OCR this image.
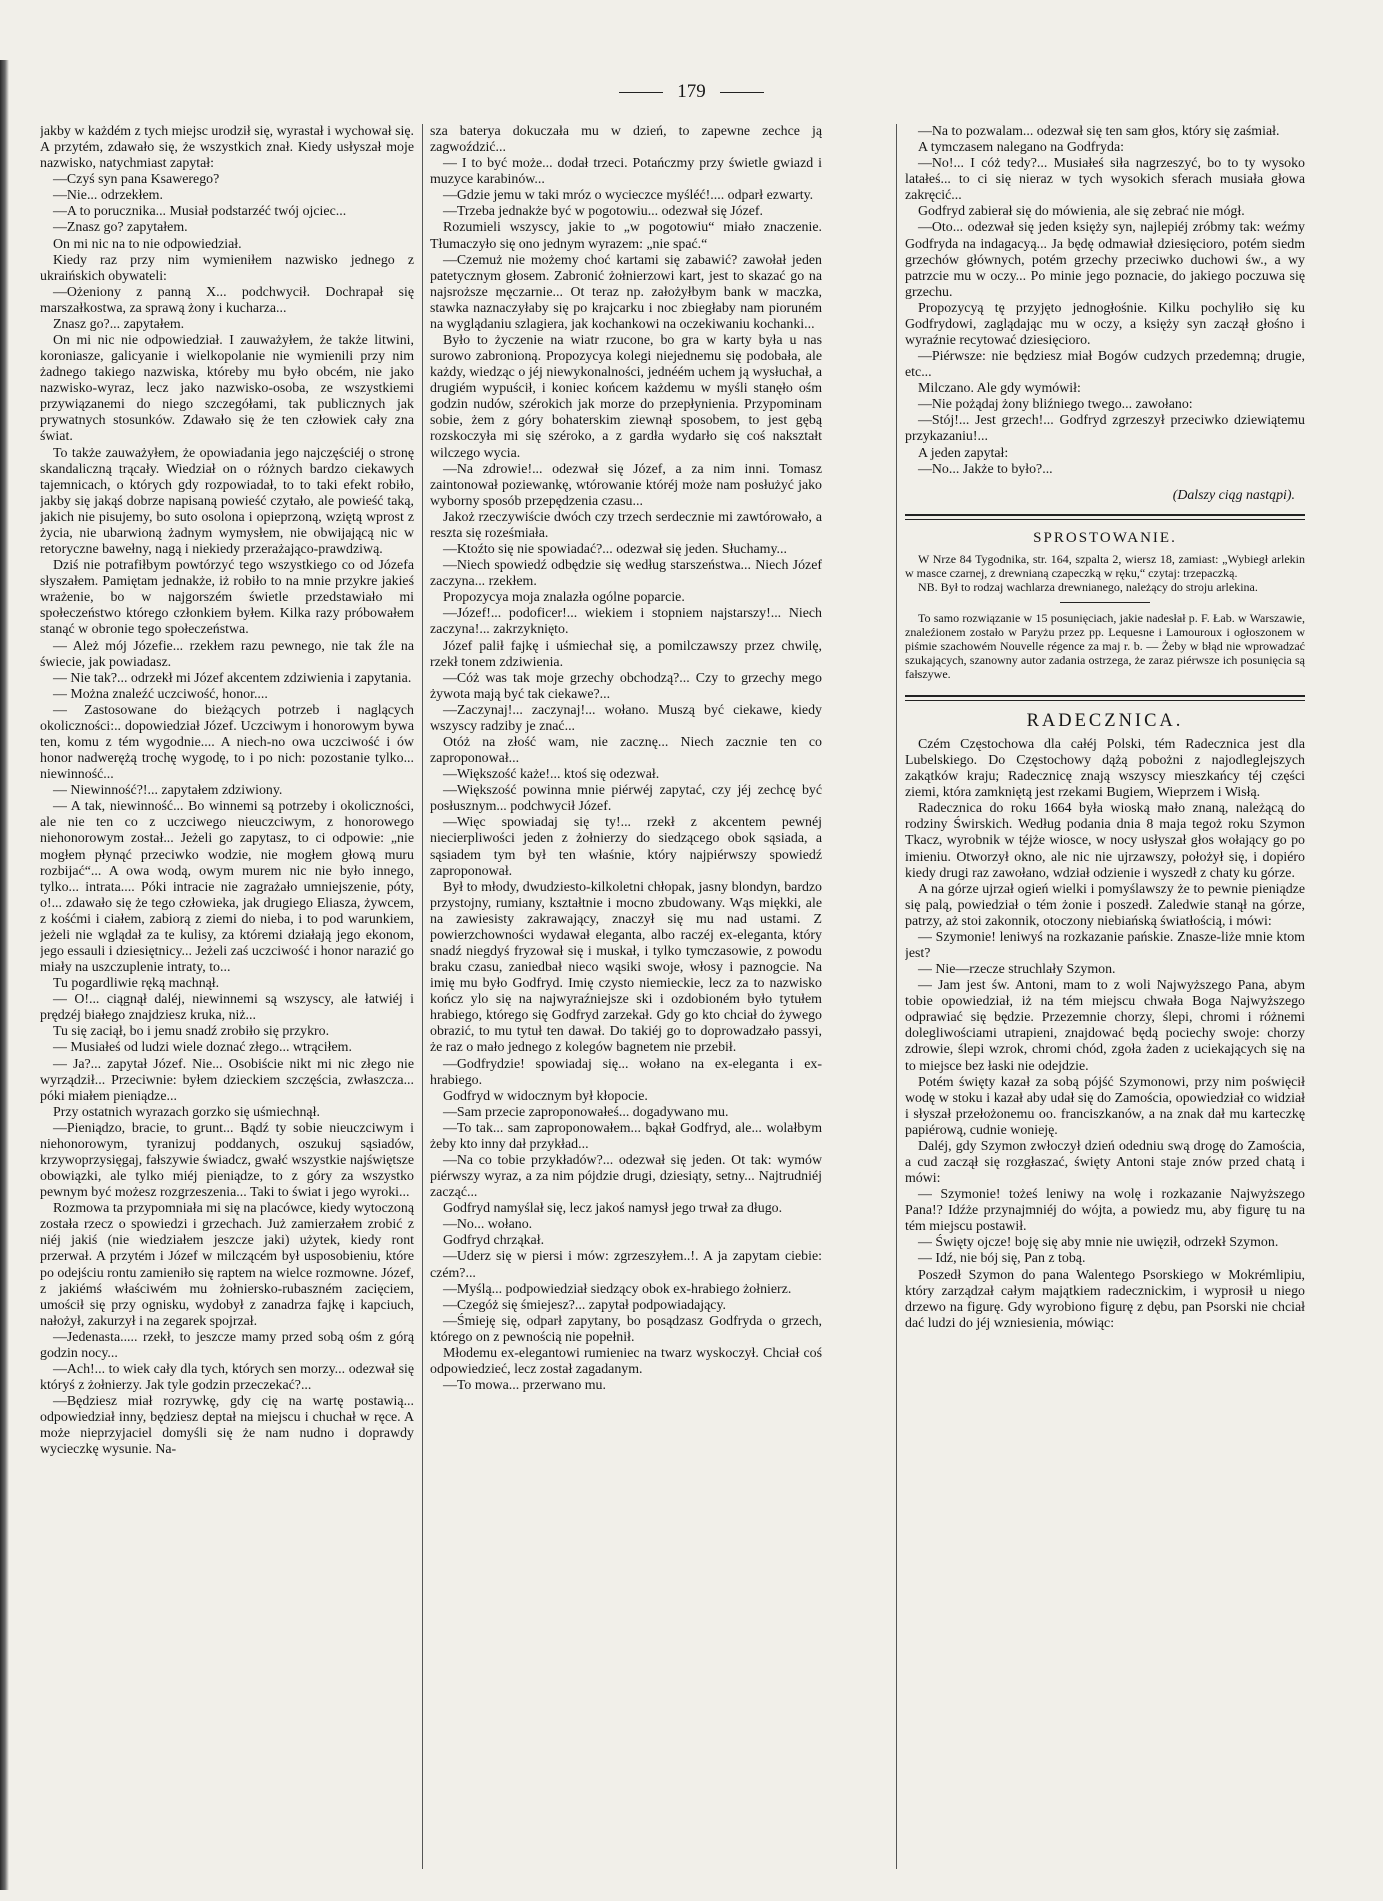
179

jakby w każdém z tych miejsc urodził się, wyrastał i wychował się. A przytém, zdawało się, że wszystkich znał. Kiedy usłyszał moje nazwisko, natychmiast zapytał:

—Czyś syn pana Ksawerego?

—Nie... odrzekłem.

—A to porucznika... Musiał podstarzéć twój ojciec...

—Znasz go? zapytałem.

On mi nic na to nie odpowiedział.

Kiedy raz przy nim wymieniłem nazwisko jednego z ukraińskich obywateli:

—Ożeniony z panną X... podchwycił. Dochrapał się marszałkostwa, za sprawą żony i kucharza...

Znasz go?... zapytałem.

On mi nic nie odpowiedział. I zauważyłem, że także litwini, koroniasze, galicyanie i wielkopolanie nie wymienili przy nim żadnego takiego nazwiska, któreby mu było obcém, nie jako nazwisko-wyraz, lecz jako nazwisko-osoba, ze wszystkiemi przywiązanemi do niego szczegółami, tak publicznych jak prywatnych stosunków. Zdawało się że ten człowiek cały zna świat.

To także zauważyłem, że opowiadania jego najczęściéj o stronę skandaliczną trącały. Wiedział on o różnych bardzo ciekawych tajemnicach, o których gdy rozpowiadał, to to taki efekt robiło, jakby się jakąś dobrze napisaną powieść czytało, ale powieść taką, jakich nie pisujemy, bo suto osolona i opieprzoną, wziętą wprost z życia, nie ubarwioną żadnym wymysłem, nie obwijającą nic w retoryczne bawełny, nagą i niekiedy przerażająco-prawdziwą.

Dziś nie potrafiłbym powtórzyć tego wszystkiego co od Józefa słyszałem. Pamiętam jednakże, iż robiło to na mnie przykre jakieś wrażenie, bo w najgorszém świetle przedstawiało mi społeczeństwo którego członkiem byłem. Kilka razy próbowałem stanąć w obronie tego społeczeństwa.

— Ależ mój Józefie... rzekłem razu pewnego, nie tak źle na świecie, jak powiadasz.

— Nie tak?... odrzekł mi Józef akcentem zdziwienia i zapytania.

— Można znaleźć uczciwość, honor....

— Zastosowane do bieżących potrzeb i naglących okoliczności:.. dopowiedział Józef. Uczciwym i honorowym bywa ten, komu z tém wygodnie.... A niech-no owa uczciwość i ów honor nadwerężą trochę wygodę, to i po nich: pozostanie tylko... niewinność...

— Niewinność?!... zapytałem zdziwiony.

— A tak, niewinność... Bo winnemi są potrzeby i okoliczności, ale nie ten co z uczciwego nieuczciwym, z honorowego niehonorowym został... Jeżeli go zapytasz, to ci odpowie: „nie mogłem płynąć przeciwko wodzie, nie mogłem głową muru rozbijać“... A owa wodą, owym murem nic nie było innego, tylko... intrata.... Póki intracie nie zagrażało umniejszenie, póty, o!... zdawało się że tego człowieka, jak drugiego Eliasza, żywcem, z kośćmi i ciałem, zabiorą z ziemi do nieba, i to pod warunkiem, jeżeli nie wglądał za te kulisy, za któremi działają jego ekonom, jego essauli i dziesiętnicy... Jeżeli zaś uczciwość i honor narazić go miały na uszczuplenie intraty, to...

Tu pogardliwie ręką machnął.

— O!... ciągnął daléj, niewinnemi są wszyscy, ale łatwiéj i prędzéj białego znajdziesz kruka, niż...

Tu się zaciął, bo i jemu snadź zrobiło się przykro.

— Musiałeś od ludzi wiele doznać złego... wtrąciłem.

— Ja?... zapytał Józef. Nie... Osobiście nikt mi nic złego nie wyrządził... Przeciwnie: byłem dzieckiem szczęścia, zwłaszcza... póki miałem pieniądze...

Przy ostatnich wyrazach gorzko się uśmiechnął.

—Pieniądzo, bracie, to grunt... Bądź ty sobie nieuczciwym i niehonorowym, tyranizuj poddanych, oszukuj sąsiadów, krzywoprzysięgaj, fałszywie świadcz, gwałć wszystkie najświętsze obowiązki, ale tylko miéj pieniądze, to z góry za wszystko pewnym być możesz rozgrzeszenia... Taki to świat i jego wyroki...

Rozmowa ta przypomniała mi się na placówce, kiedy wytoczoną została rzecz o spowiedzi i grzechach. Już zamierzałem zrobić z niéj jakiś (nie wiedziałem jeszcze jaki) użytek, kiedy ront przerwał. A przytém i Józef w milczącém był usposobieniu, które po odejściu rontu zamieniło się raptem na wielce rozmowne. Józef, z jakiémś właściwém mu żołniersko-rubaszném zacięciem, umościł się przy ognisku, wydobył z zanadrza fajkę i kapciuch, nałożył, zakurzył i na zegarek spojrzał.

—Jedenasta..... rzekł, to jeszcze mamy przed sobą ośm z górą godzin nocy...

—Ach!... to wiek cały dla tych, których sen morzy... odezwał się któryś z żołnierzy. Jak tyle godzin przeczekać?...

—Będziesz miał rozrywkę, gdy cię na wartę postawią... odpowiedział inny, będziesz deptał na miejscu i chuchał w ręce. A może nieprzyjaciel domyśli się że nam nudno i doprawdy wycieczkę wysunie. Na-

sza baterya dokuczała mu w dzień, to zapewne zechce ją zagwoździć...

— I to być może... dodał trzeci. Potańczmy przy świetle gwiazd i muzyce karabinów...

—Gdzie jemu w taki mróz o wycieczce myśléć!.... odparł ezwarty.

—Trzeba jednakże być w pogotowiu... odezwał się Józef.

Rozumieli wszyscy, jakie to „w pogotowiu“ miało znaczenie. Tłumaczyło się ono jednym wyrazem: „nie spać.“

—Czemuż nie możemy choć kartami się zabawić? zawołał jeden patetycznym głosem. Zabronić żołnierzowi kart, jest to skazać go na najsroższe męczarnie... Ot teraz np. założyłbym bank w maczka, stawka naznaczyłaby się po krajcarku i noc zbiegłaby nam pioruném na wyglądaniu szlagiera, jak kochankowi na oczekiwaniu kochanki...

Było to życzenie na wiatr rzucone, bo gra w karty była u nas surowo zabronioną. Propozycya kolegi niejednemu się podobała, ale każdy, wiedząc o jéj niewykonalności, jednéém uchem ją wysłuchał, a drugiém wypuścił, i koniec końcem każdemu w myśli stanęło ośm godzin nudów, szérokich jak morze do przepłynienia. Przypominam sobie, żem z góry bohaterskim ziewnął sposobem, to jest gębą rozskoczyła mi się széroko, a z gardła wydarło się coś nakształt wilczego wycia.

—Na zdrowie!... odezwał się Józef, a za nim inni. Tomasz zaintonował poziewankę, wtórowanie któréj może nam posłużyć jako wyborny sposób przepędzenia czasu...

Jakoż rzeczywiście dwóch czy trzech serdecznie mi zawtórowało, a reszta się roześmiała.

—Ktoźto się nie spowiadać?... odezwał się jeden. Słuchamy...

—Niech spowiedź odbędzie się według starszeństwa... Niech Józef zaczyna... rzekłem.

Propozycya moja znalazła ogólne poparcie.

—Józef!... podoficer!... wiekiem i stopniem najstarszy!... Niech zaczyna!... zakrzyknięto.

Józef palił fajkę i uśmiechał się, a pomilczawszy przez chwilę, rzekł tonem zdziwienia.

—Cóż was tak moje grzechy obchodzą?... Czy to grzechy mego żywota mają być tak ciekawe?...

—Zaczynaj!... zaczynaj!... wołano. Muszą być ciekawe, kiedy wszyscy radziby je znać...

Otóż na złość wam, nie zacznę... Niech zacznie ten co zaproponował...

—Większość każe!... ktoś się odezwał.

—Większość powinna mnie piérwéj zapytać, czy jéj zechcę być posłusznym... podchwycił Józef.

—Więc spowiadaj się ty!... rzekł z akcentem pewnéj niecierpliwości jeden z żołnierzy do siedzącego obok sąsiada, a sąsiadem tym był ten właśnie, który najpiérwszy spowiedź zaproponował.

Był to młody, dwudziesto-kilkoletni chłopak, jasny blondyn, bardzo przystojny, rumiany, kształtnie i mocno zbudowany. Wąs miękki, ale na zawiesisty zakrawający, znaczył się mu nad ustami. Z powierzchowności wydawał eleganta, albo raczéj ex-eleganta, który snadź niegdyś fryzował się i muskał, i tylko tymczasowie, z powodu braku czasu, zaniedbał nieco wąsiki swoje, włosy i paznogcie. Na imię mu było Godfryd. Imię czysto niemieckie, lecz za to nazwisko kończ ylo się na najwyraźniejsze ski i ozdobioném było tytułem hrabiego, którego się Godfryd zarzekał. Gdy go kto chciał do żywego obrazić, to mu tytuł ten dawał. Do takiéj go to doprowadzało passyi, że raz o mało jednego z kolegów bagnetem nie przebił.

—Godfrydzie! spowiadaj się... wołano na ex-eleganta i ex-hrabiego.

Godfryd w widocznym był kłopocie.

—Sam przecie zaproponowałeś... dogadywano mu.

—To tak... sam zaproponowałem... bąkał Godfryd, ale... wolałbym żeby kto inny dał przykład...

—Na co tobie przykładów?... odezwał się jeden. Ot tak: wymów piérwszy wyraz, a za nim pójdzie drugi, dziesiąty, setny... Najtrudniéj zacząć...

Godfryd namyślał się, lecz jakoś namysł jego trwał za długo.

—No... wołano.

Godfryd chrząkał.

—Uderz się w piersi i mów: zgrzeszyłem..!. A ja zapytam ciebie: czém?...

—Myślą... podpowiedział siedzący obok ex-hrabiego żołnierz.

—Czegóż się śmiejesz?... zapytał podpowiadający.

—Śmieję się, odparł zapytany, bo posądzasz Godfryda o grzech, którego on z pewnością nie popełnił.

Młodemu ex-elegantowi rumieniec na twarz wyskoczył. Chciał coś odpowiedzieć, lecz został zagadanym.

—To mowa... przerwano mu.

—Na to pozwalam... odezwał się ten sam głos, który się zaśmiał.

A tymczasem nalegano na Godfryda:

—No!... I cóż tedy?... Musiałeś siła nagrzeszyć, bo to ty wysoko latałeś... to ci się nieraz w tych wysokich sferach musiała głowa zakręcić...

Godfryd zabierał się do mówienia, ale się zebrać nie mógł.

—Oto... odezwał się jeden księży syn, najlepiéj zróbmy tak: weźmy Godfryda na indagacyą... Ja będę odmawiał dziesięcioro, potém siedm grzechów głównych, potém grzechy przeciwko duchowi św., a wy patrzcie mu w oczy... Po minie jego poznacie, do jakiego poczuwa się grzechu.

Propozycyą tę przyjęto jednogłośnie. Kilku pochyliło się ku Godfrydowi, zaglądając mu w oczy, a księży syn zaczął głośno i wyraźnie recytować dziesięcioro.

—Piérwsze: nie będziesz miał Bogów cudzych przedemną; drugie, etc...

Milczano. Ale gdy wymówił:

—Nie pożądaj żony bliźniego twego... zawołano:

—Stój!... Jest grzech!... Godfryd zgrzeszył przeciwko dziewiątemu przykazaniu!...

A jeden zapytał:

—No... Jakże to było?...

(Dalszy ciąg nastąpi).
SPROSTOWANIE.

W Nrze 84 Tygodnika, str. 164, szpalta 2, wiersz 18, zamiast: „Wybiegł arlekin w masce czarnej, z drewnianą czapeczką w ręku,“ czytaj: trzepaczką.

NB. Był to rodzaj wachlarza drewnianego, należący do stroju arlekina.

To samo rozwiązanie w 15 posunięciach, jakie nadesłał p. F. Łab. w Warszawie, znaleźionem zostało w Paryżu przez pp. Lequesne i Lamouroux i ogłoszonem w piśmie szachowém Nouvelle régence za maj r. b. — Żeby w błąd nie wprowadzać szukających, szanowny autor zadania ostrzega, że zaraz piérwsze ich posunięcia są fałszywe.

RADECZNICA.

Czém Częstochowa dla całéj Polski, tém Radecznica jest dla Lubelskiego. Do Częstochowy dążą pobożni z najodleglejszych zakątków kraju; Radecznicę znają wszyscy mieszkańcy téj części ziemi, która zamkniętą jest rzekami Bugiem, Wieprzem i Wisłą.

Radecznica do roku 1664 była wioską mało znaną, należącą do rodziny Świrskich. Według podania dnia 8 maja tegoż roku Szymon Tkacz, wyrobnik w téjże wiosce, w nocy usłyszał głos wołający go po imieniu. Otworzył okno, ale nic nie ujrzawszy, położył się, i dopiéro kiedy drugi raz zawołano, wdział odzienie i wyszedł z chaty ku górze.

A na górze ujrzał ogień wielki i pomyślawszy że to pewnie pieniądze się palą, powiedział o tém żonie i poszedł. Zaledwie stanął na górze, patrzy, aż stoi zakonnik, otoczony niebiańską światłością, i mówi:

— Szymonie! leniwyś na rozkazanie pańskie. Znasze-liże mnie ktom jest?

— Nie—rzecze struchlały Szymon.

— Jam jest św. Antoni, mam to z woli Najwyższego Pana, abym tobie opowiedział, iż na tém miejscu chwała Boga Najwyższego odprawiać się będzie. Przezemnie chorzy, ślepi, chromi i różnemi dolegliwościami utrapieni, znajdować będą pociechy swoje: chorzy zdrowie, ślepi wzrok, chromi chód, zgoła żaden z uciekających się na to miejsce bez łaski nie odejdzie.

Potém święty kazał za sobą pójść Szymonowi, przy nim poświęcił wodę w stoku i kazał aby udał się do Zamościa, opowiedział co widział i słyszał przełożonemu oo. franciszkanów, a na znak dał mu karteczkę papiérową, cudnie wonieję.

Daléj, gdy Szymon zwłoczył dzień odedniu swą drogę do Zamościa, a cud zaczął się rozgłaszać, święty Antoni staje znów przed chatą i mówi:

— Szymonie! tożeś leniwy na wolę i rozkazanie Najwyższego Pana!? Idźże przynajmniéj do wójta, a powiedz mu, aby figurę tu na tém miejscu postawił.

— Święty ojcze! boję się aby mnie nie uwięził, odrzekł Szymon.

— Idź, nie bój się, Pan z tobą.

Poszedł Szymon do pana Walentego Psorskiego w Mokrémlipiu, który zarządzał całym majątkiem radecznickim, i wyprosił u niego drzewo na figurę. Gdy wyrobiono figurę z dębu, pan Psorski nie chciał dać ludzi do jéj wzniesienia, mówiąc:
